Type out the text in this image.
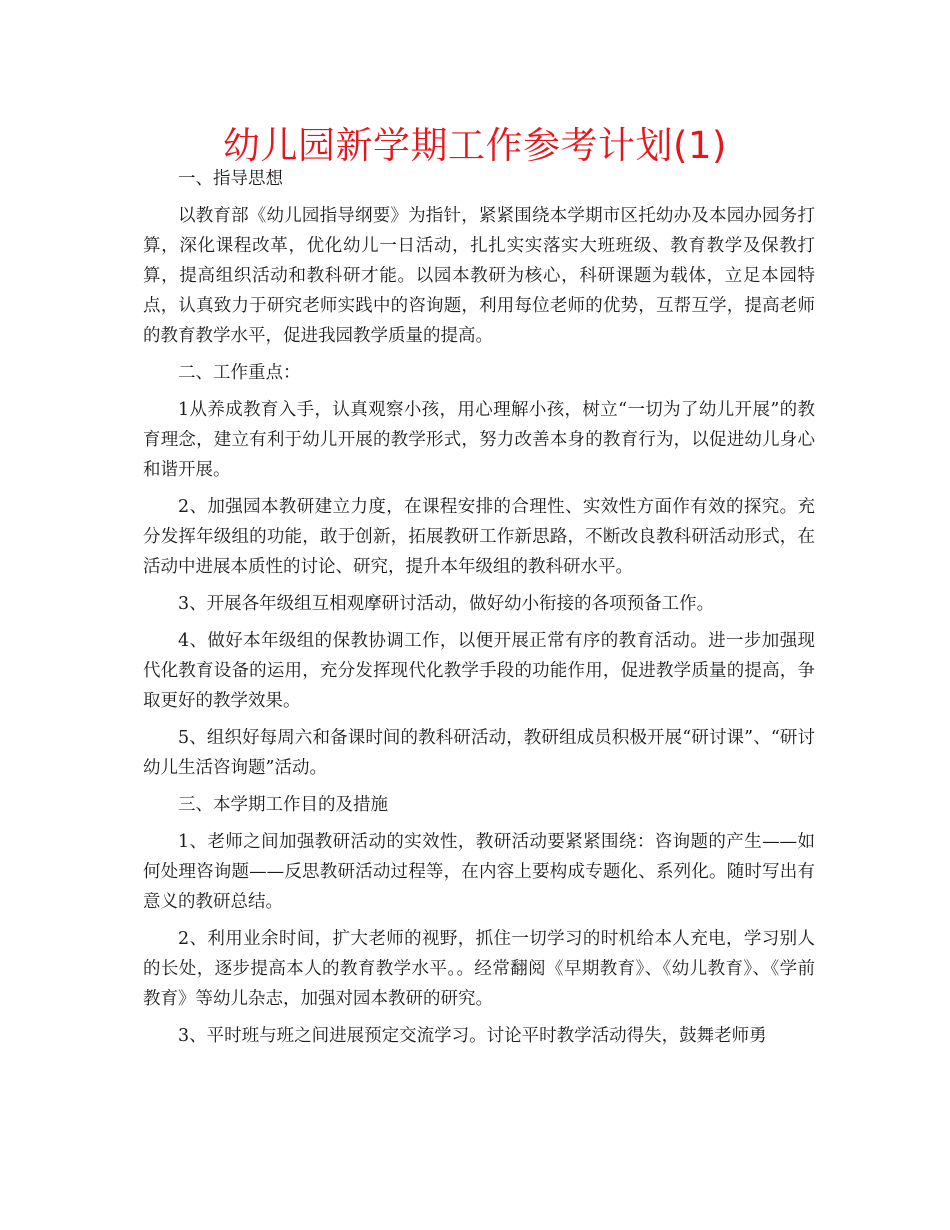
幼儿园新学期工作参考计划(1)

一、指导思想

以教育部《幼儿园指导纲要》为指针，紧紧围绕本学期市区托幼办及本园办园务打算，深化课程改革，优化幼儿一日活动，扎扎实实落实大班班级、教育教学及保教打算，提高组织活动和教科研才能。以园本教研为核心，科研课题为载体，立足本园特点，认真致力于研究老师实践中的咨询题，利用每位老师的优势，互帮互学，提高老师的教育教学水平，促进我园教学质量的提高。

二、工作重点：

1从养成教育入手，认真观察小孩，用心理解小孩，树立“一切为了幼儿开展”的教育理念，建立有利于幼儿开展的教学形式，努力改善本身的教育行为，以促进幼儿身心和谐开展。

2、加强园本教研建立力度，在课程安排的合理性、实效性方面作有效的探究。充分发挥年级组的功能，敢于创新，拓展教研工作新思路，不断改良教科研活动形式，在活动中进展本质性的讨论、研究，提升本年级组的教科研水平。

3、开展各年级组互相观摩研讨活动，做好幼小衔接的各项预备工作。

4、做好本年级组的保教协调工作，以便开展正常有序的教育活动。进一步加强现代化教育设备的运用，充分发挥现代化教学手段的功能作用，促进教学质量的提高，争取更好的教学效果。

5、组织好每周六和备课时间的教科研活动，教研组成员积极开展“研讨课”、“研讨幼儿生活咨询题”活动。

三、本学期工作目的及措施

1、老师之间加强教研活动的实效性，教研活动要紧紧围绕：咨询题的产生——如何处理咨询题——反思教研活动过程等，在内容上要构成专题化、系列化。随时写出有意义的教研总结。

2、利用业余时间，扩大老师的视野，抓住一切学习的时机给本人充电，学习别人的长处，逐步提高本人的教育教学水平。。经常翻阅《早期教育》、《幼儿教育》、《学前教育》等幼儿杂志，加强对园本教研的研究。

3、平时班与班之间进展预定交流学习。讨论平时教学活动得失，鼓舞老师勇
